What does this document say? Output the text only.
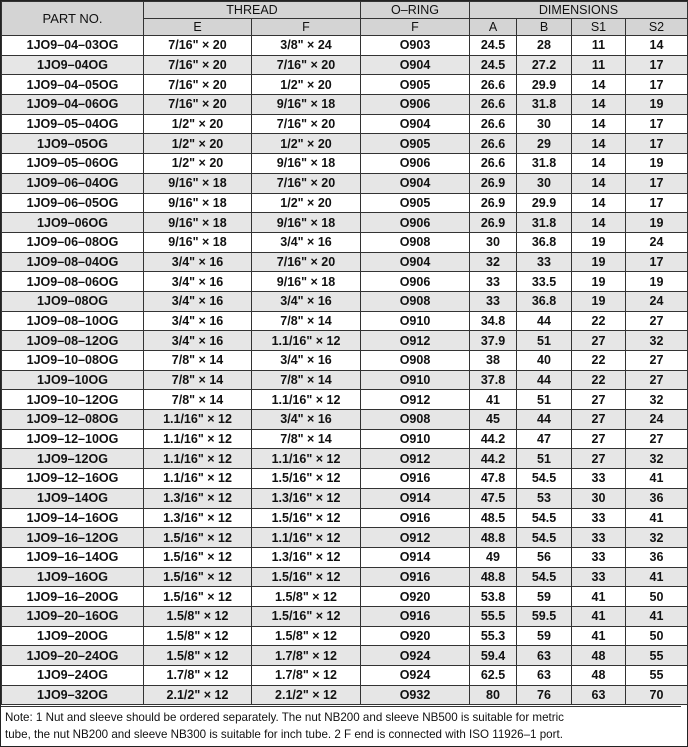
PART NO.	THREAD		O–RING	DIMENSIONS			
	E	F	F	A	B	S1	S2
1JO9–04–03OG	7/16" × 20	3/8" × 24	O903	24.5	28	11	14
1JO9–04OG	7/16" × 20	7/16" × 20	O904	24.5	27.2	11	17
1JO9–04–05OG	7/16" × 20	1/2" × 20	O905	26.6	29.9	14	17
1JO9–04–06OG	7/16" × 20	9/16" × 18	O906	26.6	31.8	14	19
1JO9–05–04OG	1/2" × 20	7/16" × 20	O904	26.6	30	14	17
1JO9–05OG	1/2" × 20	1/2" × 20	O905	26.6	29	14	17
1JO9–05–06OG	1/2" × 20	9/16" × 18	O906	26.6	31.8	14	19
1JO9–06–04OG	9/16" × 18	7/16" × 20	O904	26.9	30	14	17
1JO9–06–05OG	9/16" × 18	1/2" × 20	O905	26.9	29.9	14	17
1JO9–06OG	9/16" × 18	9/16" × 18	O906	26.9	31.8	14	19
1JO9–06–08OG	9/16" × 18	3/4" × 16	O908	30	36.8	19	24
1JO9–08–04OG	3/4" × 16	7/16" × 20	O904	32	33	19	17
1JO9–08–06OG	3/4" × 16	9/16" × 18	O906	33	33.5	19	19
1JO9–08OG	3/4" × 16	3/4" × 16	O908	33	36.8	19	24
1JO9–08–10OG	3/4" × 16	7/8" × 14	O910	34.8	44	22	27
1JO9–08–12OG	3/4" × 16	1.1/16" × 12	O912	37.9	51	27	32
1JO9–10–08OG	7/8" × 14	3/4" × 16	O908	38	40	22	27
1JO9–10OG	7/8" × 14	7/8" × 14	O910	37.8	44	22	27
1JO9–10–12OG	7/8" × 14	1.1/16" × 12	O912	41	51	27	32
1JO9–12–08OG	1.1/16" × 12	3/4" × 16	O908	45	44	27	24
1JO9–12–10OG	1.1/16" × 12	7/8" × 14	O910	44.2	47	27	27
1JO9–12OG	1.1/16" × 12	1.1/16" × 12	O912	44.2	51	27	32
1JO9–12–16OG	1.1/16" × 12	1.5/16" × 12	O916	47.8	54.5	33	41
1JO9–14OG	1.3/16" × 12	1.3/16" × 12	O914	47.5	53	30	36
1JO9–14–16OG	1.3/16" × 12	1.5/16" × 12	O916	48.5	54.5	33	41
1JO9–16–12OG	1.5/16" × 12	1.1/16" × 12	O912	48.8	54.5	33	32
1JO9–16–14OG	1.5/16" × 12	1.3/16" × 12	O914	49	56	33	36
1JO9–16OG	1.5/16" × 12	1.5/16" × 12	O916	48.8	54.5	33	41
1JO9–16–20OG	1.5/16" × 12	1.5/8" × 12	O920	53.8	59	41	50
1JO9–20–16OG	1.5/8" × 12	1.5/16" × 12	O916	55.5	59.5	41	41
1JO9–20OG	1.5/8" × 12	1.5/8" × 12	O920	55.3	59	41	50
1JO9–20–24OG	1.5/8" × 12	1.7/8" × 12	O924	59.4	63	48	55
1JO9–24OG	1.7/8" × 12	1.7/8" × 12	O924	62.5	63	48	55
1JO9–32OG	2.1/2" × 12	2.1/2" × 12	O932	80	76	63	70
Note: 1 Nut and sleeve should be ordered separately. The nut NB200 and sleeve NB500 is suitable for metric
tube, the nut NB200 and sleeve NB300 is suitable for inch tube. 2 F end is connected with ISO 11926–1 port.
